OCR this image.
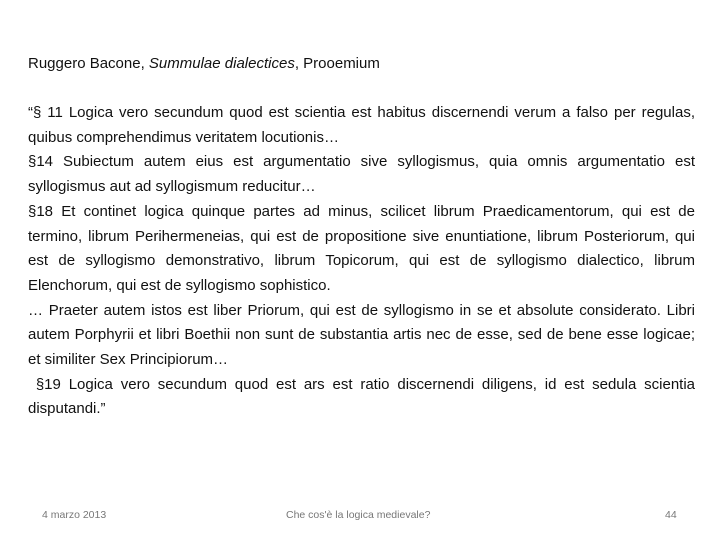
Ruggero Bacone, Summulae dialectices, Prooemium

“§ 11 Logica vero secundum quod est scientia est habitus discernendi verum a falso per regulas, quibus comprehendimus veritatem locutionis…

§14 Subiectum autem eius est argumentatio sive syllogismus, quia omnis argumentatio est syllogismus aut ad syllogismum reducitur…

§18 Et continet logica quinque partes ad minus, scilicet librum Praedicamentorum, qui est de termino, librum Perihermeneias, qui est de propositione sive enuntiatione, librum Posteriorum, qui est de syllogismo demonstrativo, librum Topicorum, qui est de syllogismo dialectico, librum Elenchorum, qui est de syllogismo sophistico.

… Praeter autem istos est liber Priorum, qui est de syllogismo in se et absolute considerato. Libri autem Porphyrii et libri Boethii non sunt de substantia artis nec de esse, sed de bene esse logicae; et similiter Sex Principiorum…

§19 Logica vero secundum quod est ars est ratio discernendi diligens, id est sedula scientia disputandi.”

4 marzo 2013	Che cos'è la logica medievale?	44
